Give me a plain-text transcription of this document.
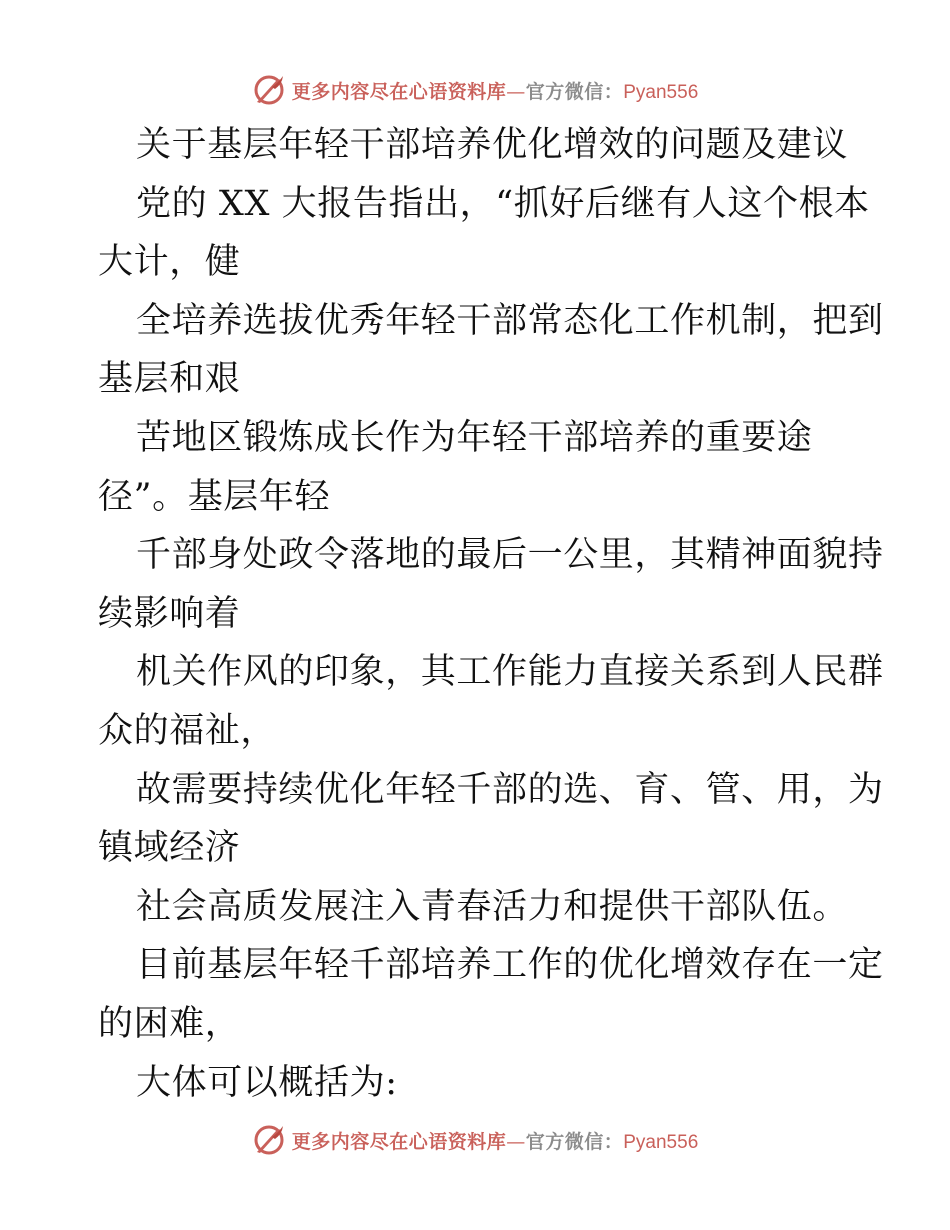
更多内容尽在心语资料库—官方微信：Pyan556
关于基层年轻干部培养优化增效的问题及建议
党的 XX 大报告指出，“抓好后继有人这个根本
大计，健
全培养选拔优秀年轻干部常态化工作机制，把到
基层和艰
苦地区锻炼成长作为年轻干部培养的重要途
径”。基层年轻
千部身处政令落地的最后一公里，其精神面貌持
续影响着
机关作风的印象，其工作能力直接关系到人民群
众的福祉，
故需要持续优化年轻千部的选、育、管、用，为
镇域经济
社会高质发展注入青春活力和提供干部队伍。
目前基层年轻千部培养工作的优化增效存在一定
的困难，
大体可以概括为:
更多内容尽在心语资料库—官方微信：Pyan556
